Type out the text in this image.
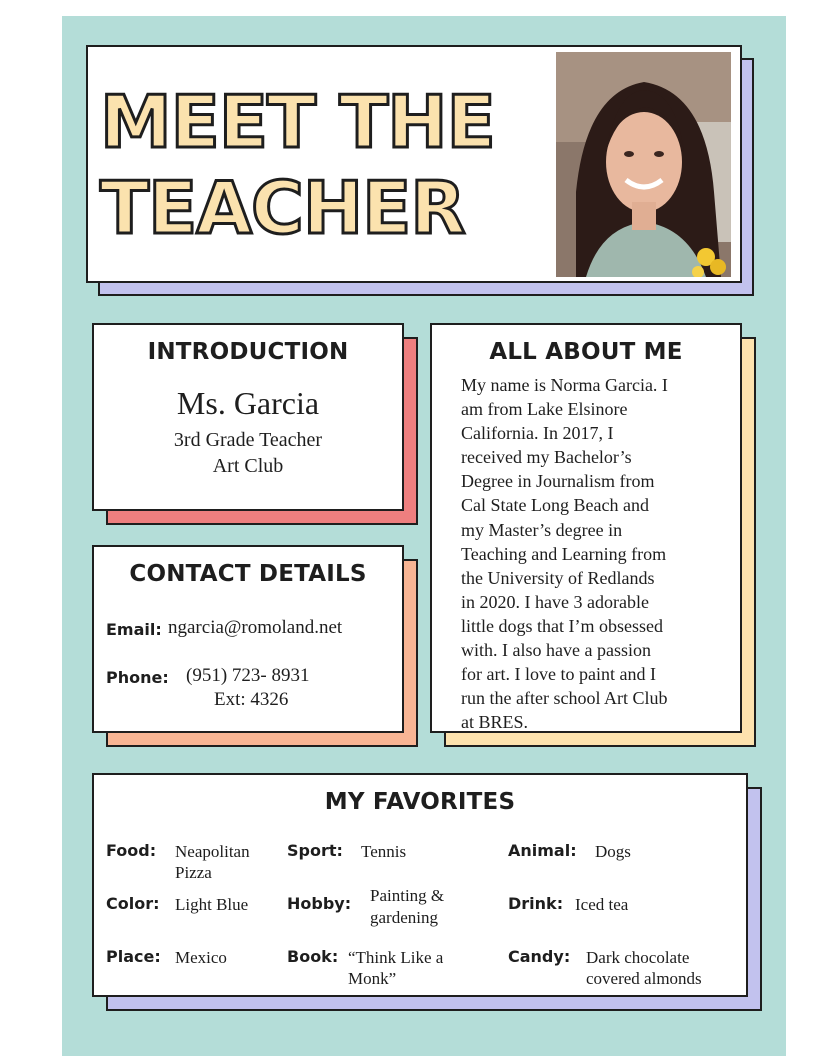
MEET THE
TEACHER
INTRODUCTION
Ms. Garcia
3rd Grade Teacher
Art Club
CONTACT DETAILS
Email: ngarcia@romoland.net
Phone: (951) 723- 8931
Ext: 4326
ALL ABOUT ME
My name is Norma Garcia. I
am from Lake Elsinore
California. In 2017, I
received my Bachelor’s
Degree in Journalism from
Cal State Long Beach and
my Master’s degree in
Teaching and Learning from
the University of Redlands
in 2020. I have 3 adorable
little dogs that I’m obsessed
with. I also have a passion
for art. I love to paint and I
run the after school Art Club
at BRES.
MY FAVORITES
Food: Neapolitan
Pizza
Sport: Tennis	Animal: Dogs
Color: Light Blue Hobby: Painting &
gardening
Drink: Iced tea
Place: Mexico	Book: “Think Like a
Monk”
Candy: Dark chocolate
covered almonds
